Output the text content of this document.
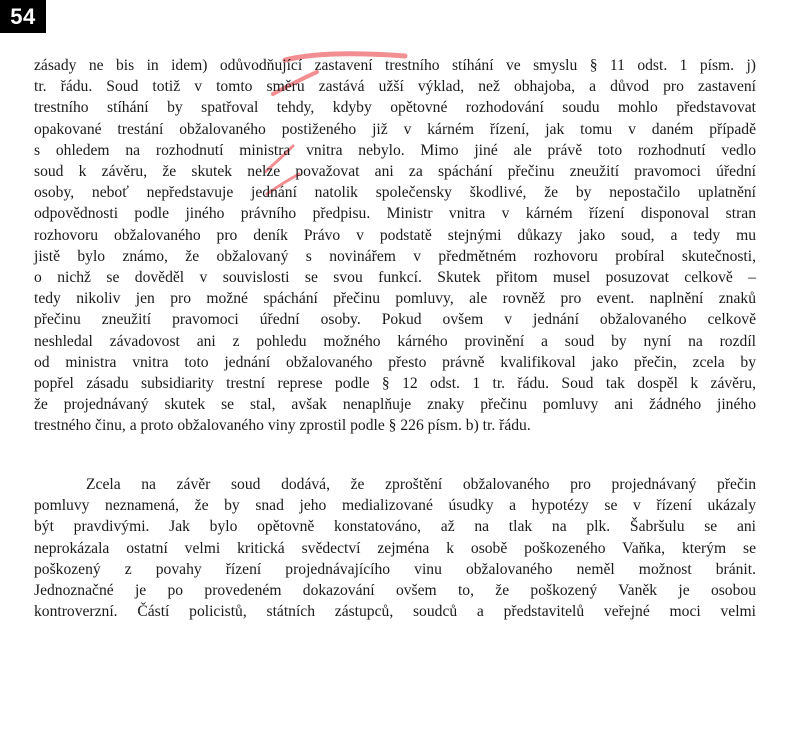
54
zásady ne bis in idem) odůvodňující zastavení trestního stíhání ve smyslu § 11 odst. 1 písm. j)
tr. řádu. Soud totiž v tomto směru zastává užší výklad, než obhajoba, a důvod pro zastavení
trestního stíhání by spatřoval tehdy, kdyby opětovné rozhodování soudu mohlo představovat
opakované trestání obžalovaného postiženého již v kárném řízení, jak tomu v daném případě
s ohledem na rozhodnutí ministra vnitra nebylo. Mimo jiné ale právě toto rozhodnutí vedlo
soud k závěru, že skutek nelze považovat ani za spáchání přečinu zneužití pravomoci úřední
osoby, neboť nepředstavuje jednání natolik společensky škodlivé, že by nepostačilo uplatnění
odpovědnosti podle jiného právního předpisu. Ministr vnitra v kárném řízení disponoval stran
rozhovoru obžalovaného pro deník Právo v podstatě stejnými důkazy jako soud, a tedy mu
jistě bylo známo, že obžalovaný s novinářem v předmětném rozhovoru probíral skutečnosti,
o nichž se dověděl v souvislosti se svou funkcí. Skutek přitom musel posuzovat celkově –
tedy nikoliv jen pro možné spáchání přečinu pomluvy, ale rovněž pro event. naplnění znaků
přečinu zneužití pravomoci úřední osoby. Pokud ovšem v jednání obžalovaného celkově
neshledal závadovost ani z pohledu možného kárného provinění a soud by nyní na rozdíl
od ministra vnitra toto jednání obžalovaného přesto právně kvalifikoval jako přečin, zcela by
popřel zásadu subsidiarity trestní represe podle § 12 odst. 1 tr. řádu. Soud tak dospěl k závěru,
že projednávaný skutek se stal, avšak nenaplňuje znaky přečinu pomluvy ani žádného jiného
trestného činu, a proto obžalovaného viny zprostil podle § 226 písm. b) tr. řádu.
Zcela na závěr soud dodává, že zproštění obžalovaného pro projednávaný přečin
pomluvy neznamená, že by snad jeho medializované úsudky a hypotézy se v řízení ukázaly
být pravdivými. Jak bylo opětovně konstatováno, až na tlak na plk. Šabršulu se ani
neprokázala ostatní velmi kritická svědectví zejména k osobě poškozeného Vaňka, kterým se
poškozený z povahy řízení projednávajícího vinu obžalovaného neměl možnost bránit.
Jednoznačné je po provedeném dokazování ovšem to, že poškozený Vaněk je osobou
kontroverzní. Částí policistů, státních zástupců, soudců a představitelů veřejné moci velmi
